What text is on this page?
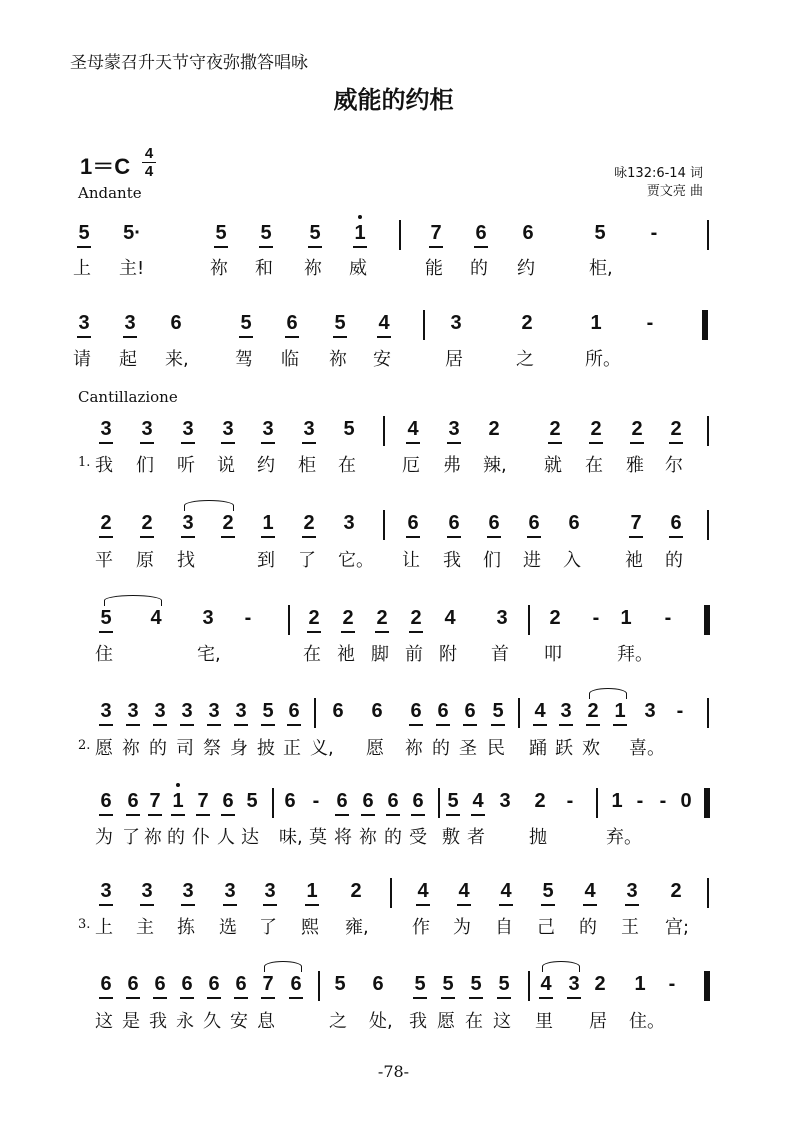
圣母蒙召升天节守夜弥撒答唱咏
威能的约柜
1＝C
4
4
Andante
咏132:6-14 词
贾文亮 曲
Cantillazione
5 5·	5 5 5 1	7 6 6	5	-
上 主!	祢 和 祢 威	能 的 约	柜,
3 3 6	5 6 5 4	3	2	1	-
请 起 来,	驾 临 祢 安	居	之	所。
3 3 3 3 3 3 5	4 3 2 2 2 2 2
1. 我 们 听 说 约 柜 在	厄 弗 辣,	就 在 雅 尔
2 2 3 2 1 2 3	6 6 6 6 6	7 6
平 原 找	到 了 它。 让 我 们 进 入 祂 的
5 4 3	-	2 2 2 2 4 3 2	-	1	-
住	宅,	在 祂 脚 前 附 首 叩	拜。
3 3 3 3 3 3 5 6 6 6 6 6 6 5 4 3 2 1 3	-
2. 愿 祢 的 司 祭 身 披 正 义,	愿 祢 的 圣 民 踊 跃 欢 喜。
6 6 7 1 7 6 5 6 - 6 6 6 6 5 4 3 2	-	1 - - 0
为 了 祢 的 仆 人 达 味, 莫 将 祢 的 受 敷 者 抛	弃。
3 3 3 3 3 1 2	4 4 4 5 4 3 2
3. 上 主 拣 选 了 熙 雍,	作 为 自 己 的 王 宫;
6 6 6 6 6 6 7 6 5 6 5 5 5 5 4 3 2 1	-
这 是 我 永 久 安 息	之 处, 我 愿 在 这 里 居 住。
-78-
